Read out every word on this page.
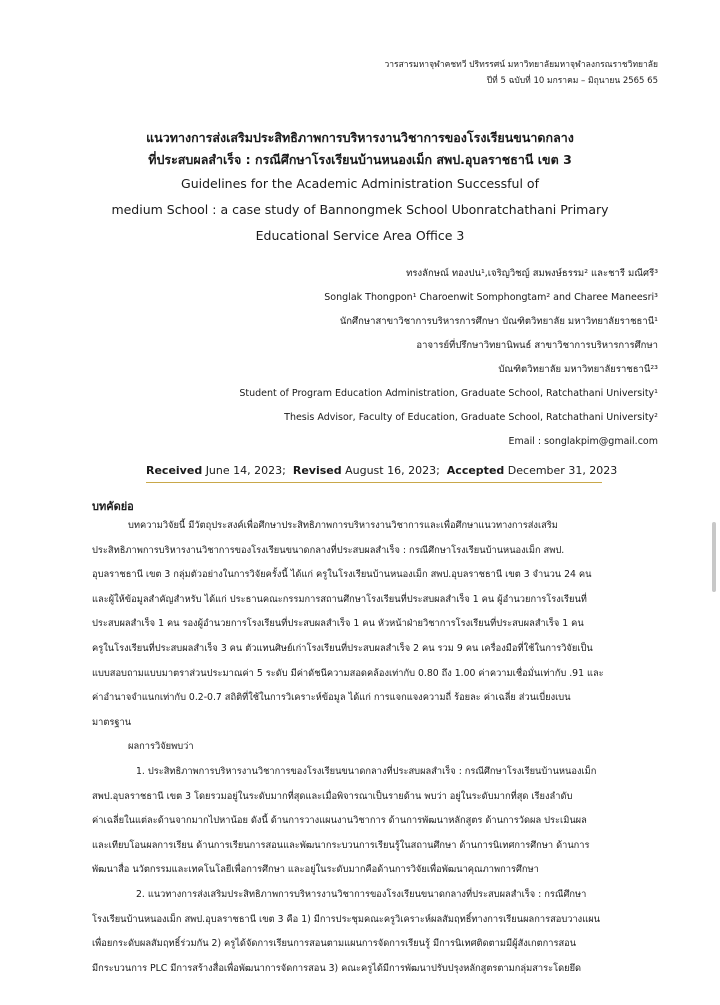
วารสารมหาจุฬาคชทวี ปริทรรศน์ มหาวิทยาลัยมหาจุฬาลงกรณราชวิทยาลัย
ปีที่ 5 ฉบับที่ 10 มกราคม – มิถุนายน 2565 65
แนวทางการส่งเสริมประสิทธิภาพการบริหารงานวิชาการของโรงเรียนขนาดกลาง
ที่ประสบผลสำเร็จ : กรณีศึกษาโรงเรียนบ้านหนองเม็ก สพป.อุบลราชธานี เขต 3
Guidelines for the Academic Administration Successful of
medium School : a case study of Bannongmek School Ubonratchathani Primary
Educational Service Area Office 3
ทรงลักษณ์ ทองปน¹,เจริญวิชญ์ สมพงษ์ธรรม² และชารี มณีศรี³
Songlak Thongpon¹ Charoenwit Somphongtam² and Charee Maneesri³
นักศึกษาสาขาวิชาการบริหารการศึกษา บัณฑิตวิทยาลัย มหาวิทยาลัยราชธานี¹
อาจารย์ที่ปรึกษาวิทยานิพนธ์ สาขาวิชาการบริหารการศึกษา
บัณฑิตวิทยาลัย มหาวิทยาลัยราชธานี²³
Student of Program Education Administration, Graduate School, Ratchathani University¹
Thesis Advisor, Faculty of Education, Graduate School, Ratchathani University²
Email : songlakpim@gmail.com
Received June 14, 2023; Revised August 16, 2023; Accepted December 31, 2023
บทคัดย่อ
บทความวิจัยนี้ มีวัตถุประสงค์เพื่อศึกษาประสิทธิภาพการบริหารงานวิชาการและเพื่อศึกษาแนวทางการส่งเสริม
ประสิทธิภาพการบริหารงานวิชาการของโรงเรียนขนาดกลางที่ประสบผลสำเร็จ : กรณีศึกษาโรงเรียนบ้านหนองเม็ก สพป.
อุบลราชธานี เขต 3 กลุ่มตัวอย่างในการวิจัยครั้งนี้ ได้แก่ ครูในโรงเรียนบ้านหนองเม็ก สพป.อุบลราชธานี เขต 3 จำนวน 24 คน
และผู้ให้ข้อมูลสำคัญสำหรับ ได้แก่ ประธานคณะกรรมการสถานศึกษาโรงเรียนที่ประสบผลสำเร็จ 1 คน ผู้อำนวยการโรงเรียนที่
ประสบผลสำเร็จ 1 คน รองผู้อำนวยการโรงเรียนที่ประสบผลสำเร็จ 1 คน หัวหน้าฝ่ายวิชาการโรงเรียนที่ประสบผลสำเร็จ 1 คน
ครูในโรงเรียนที่ประสบผลสำเร็จ 3 คน ตัวแทนศิษย์เก่าโรงเรียนที่ประสบผลสำเร็จ 2 คน รวม 9 คน เครื่องมือที่ใช้ในการวิจัยเป็น
แบบสอบถามแบบมาตราส่วนประมาณค่า 5 ระดับ มีค่าดัชนีความสอดคล้องเท่ากับ 0.80 ถึง 1.00 ค่าความเชื่อมั่นเท่ากับ .91 และ
ค่าอำนาจจำแนกเท่ากับ 0.2-0.7 สถิติที่ใช้ในการวิเคราะห์ข้อมูล ได้แก่ การแจกแจงความถี่ ร้อยละ ค่าเฉลี่ย ส่วนเบี่ยงเบน
มาตรฐาน
ผลการวิจัยพบว่า
1. ประสิทธิภาพการบริหารงานวิชาการของโรงเรียนขนาดกลางที่ประสบผลสำเร็จ : กรณีศึกษาโรงเรียนบ้านหนองเม็ก
สพป.อุบลราชธานี เขต 3 โดยรวมอยู่ในระดับมากที่สุดและเมื่อพิจารณาเป็นรายด้าน พบว่า อยู่ในระดับมากที่สุด เรียงลำดับ
ค่าเฉลี่ยในแต่ละด้านจากมากไปหาน้อย ดังนี้ ด้านการวางแผนงานวิชาการ ด้านการพัฒนาหลักสูตร ด้านการวัดผล ประเมินผล
และเทียบโอนผลการเรียน ด้านการเรียนการสอนและพัฒนากระบวนการเรียนรู้ในสถานศึกษา ด้านการนิเทศการศึกษา ด้านการ
พัฒนาสื่อ นวัตกรรมและเทคโนโลยีเพื่อการศึกษา และอยู่ในระดับมากคือด้านการวิจัยเพื่อพัฒนาคุณภาพการศึกษา
2. แนวทางการส่งเสริมประสิทธิภาพการบริหารงานวิชาการของโรงเรียนขนาดกลางที่ประสบผลสำเร็จ : กรณีศึกษา
โรงเรียนบ้านหนองเม็ก สพป.อุบลราชธานี เขต 3 คือ 1) มีการประชุมคณะครูวิเคราะห์ผลสัมฤทธิ์ทางการเรียนผลการสอบวางแผน
เพื่อยกระดับผลสัมฤทธิ์ร่วมกัน 2) ครูได้จัดการเรียนการสอนตามแผนการจัดการเรียนรู้ มีการนิเทศติดตามมีผู้สังเกตการสอน
มีกระบวนการ PLC มีการสร้างสื่อเพื่อพัฒนาการจัดการสอน 3) คณะครูได้มีการพัฒนาปรับปรุงหลักสูตรตามกลุ่มสาระโดยยึด
